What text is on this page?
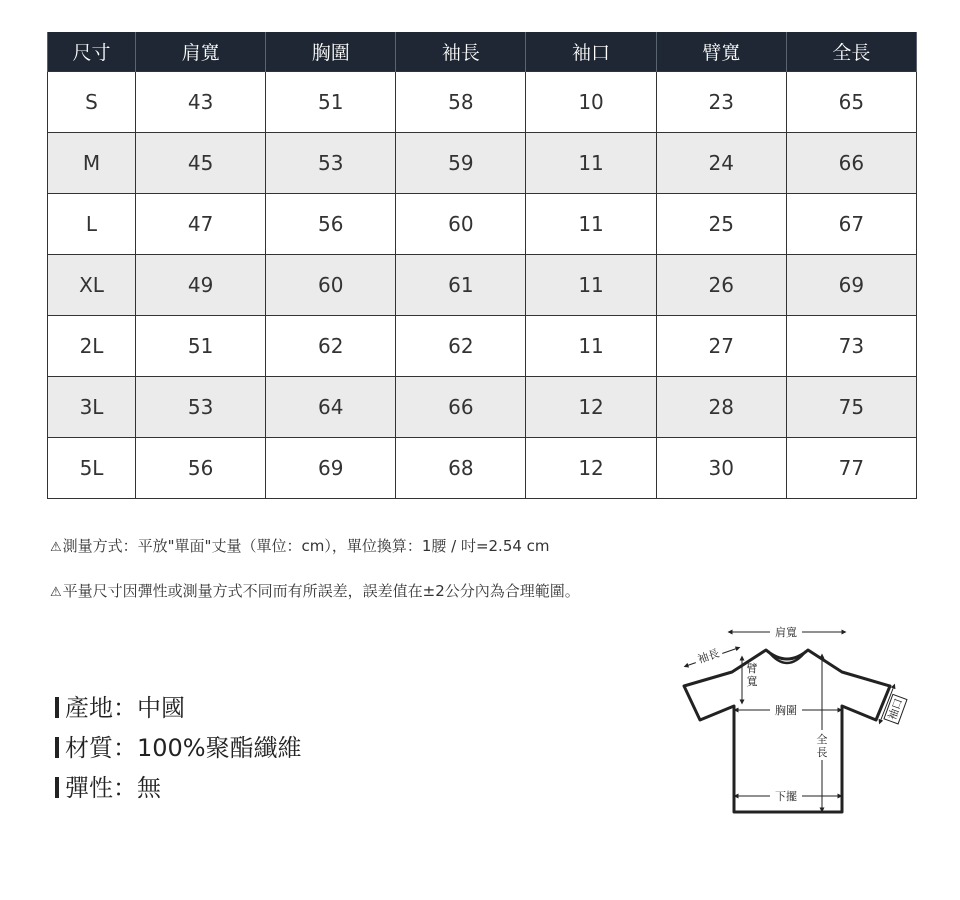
尺寸	肩寬	胸圍	袖長	袖口	臂寬	全長
S	43	51	58	10	23	65
M	45	53	59	11	24	66
L	47	56	60	11	25	67
XL	49	60	61	11	26	69
2L	51	62	62	11	27	73
3L	53	64	66	12	28	75
5L	56	69	68	12	30	77
⚠測量方式：平放"單面"丈量（單位：cm），單位換算：1腰 / 吋=2.54 cm
⚠平量尺寸因彈性或測量方式不同而有所誤差，誤差值在±2公分內為合理範圍。
產地：中國
材質：100%聚酯纖維
彈性：無
肩寬
袖長
臂
寬
胸圍
全
長
下擺
袖口
